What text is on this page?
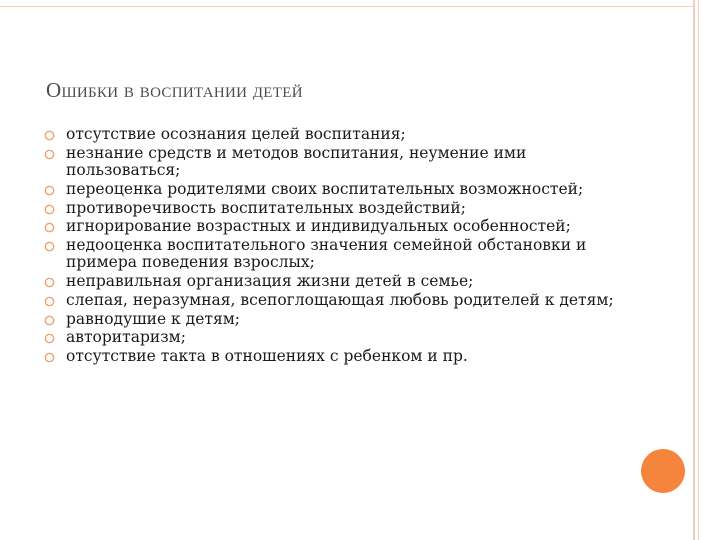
Ошибки в воспитании детей
отсутствие осознания целей воспитания;
незнание средств и методов воспитания, неумение ими пользоваться;
переоценка родителями своих воспитательных возможностей;
противоречивость воспитательных воздействий;
игнорирование возрастных и индивидуальных особенностей;
недооценка воспитательного значения семейной обстановки и примера поведения взрослых;
неправильная организация жизни детей в семье;
слепая, неразумная, всепоглощающая любовь родителей к детям;
равнодушие к детям;
авторитаризм;
отсутствие такта в отношениях с ребенком и пр.
